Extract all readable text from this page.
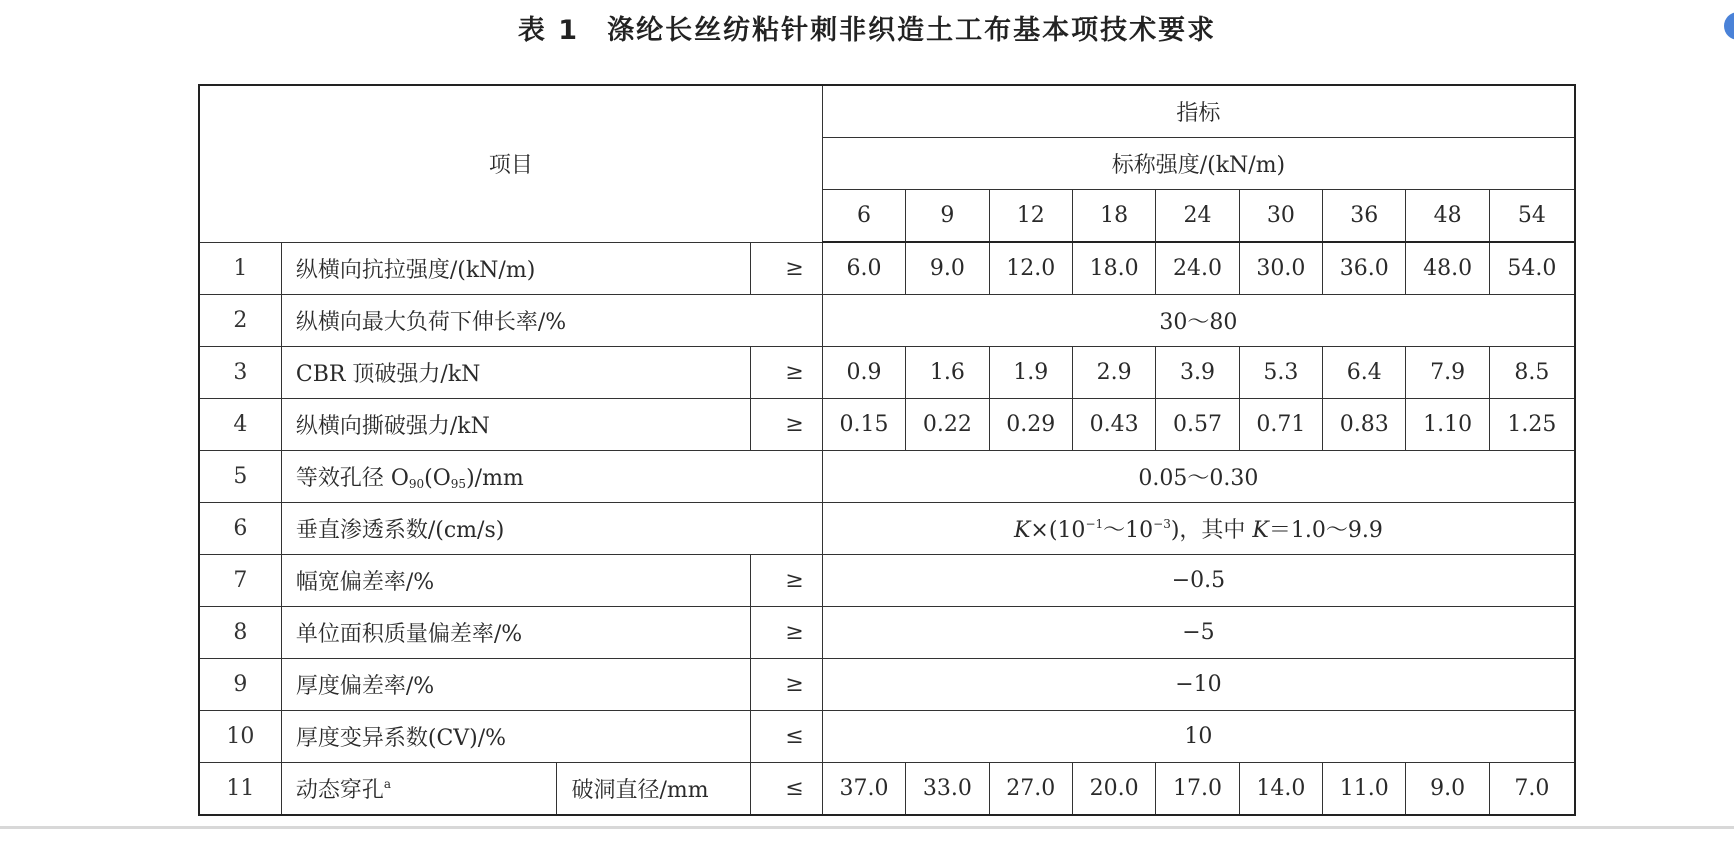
表 1 涤纶长丝纺粘针刺非织造土工布基本项技术要求
项目				指标								
				标称强度/(kN/m)								
				6	9	12	18	24	30	36	48	54
1	纵横向抗拉强度/(kN/m)		≥	6.0	9.0	12.0	18.0	24.0	30.0	36.0	48.0	54.0
2	纵横向最大负荷下伸长率/%			30～80								
3	CBR 顶破强力/kN		≥	0.9	1.6	1.9	2.9	3.9	5.3	6.4	7.9	8.5
4	纵横向撕破强力/kN		≥	0.15	0.22	0.29	0.43	0.57	0.71	0.83	1.10	1.25
5	等效孔径 $O_{90}(O_{95})/mm$			0.05～0.30								
6	垂直渗透系数/(cm/s)			$K\times(10^{-1}\sim 10^{-3})$，其中 K＝1.0～9.9								
7	幅宽偏差率/%		≥	−0.5								
8	单位面积质量偏差率/%		≥	−5								
9	厚度偏差率/%		≥	−10								
10	厚度变异系数(CV)/%		≤	10								
11	动态穿孔$^a$	破洞直径/mm	≤	37.0	33.0	27.0	20.0	17.0	14.0	11.0	9.0	7.0
